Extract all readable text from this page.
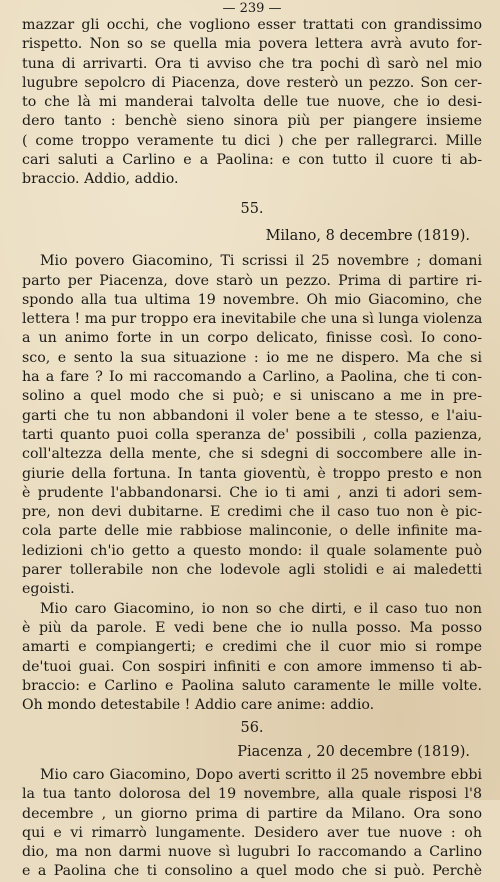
— 239 —
mazzar gli occhi, che vogliono esser trattati con grandissimo
rispetto. Non so se quella mia povera lettera avrà avuto for-
tuna di arrivarti. Ora ti avviso che tra pochi dì sarò nel mio
lugubre sepolcro di Piacenza, dove resterò un pezzo. Son cer-
to che là mi manderai talvolta delle tue nuove, che io desi-
dero tanto : benchè sieno sinora più per piangere insieme
( come troppo veramente tu dici ) che per rallegrarci. Mille
cari saluti a Carlino e a Paolina: e con tutto il cuore ti ab-
braccio. Addio, addio.
55.
Milano, 8 decembre (1819).
Mio povero Giacomino, Ti scrissi il 25 novembre ; domani
parto per Piacenza, dove starò un pezzo. Prima di partire ri-
spondo alla tua ultima 19 novembre. Oh mio Giacomino, che
lettera ! ma pur troppo era inevitabile che una sì lunga violenza
a un animo forte in un corpo delicato, finisse così. Io cono-
sco, e sento la sua situazione : io me ne dispero. Ma che si
ha a fare ? Io mi raccomando a Carlino, a Paolina, che ti con-
solino a quel modo che si può; e si uniscano a me in pre-
garti che tu non abbandoni il voler bene a te stesso, e l'aiu-
tarti quanto puoi colla speranza de' possibili , colla pazienza,
coll'altezza della mente, che si sdegni di soccombere alle in-
giurie della fortuna. In tanta gioventù, è troppo presto e non
è prudente l'abbandonarsi. Che io ti ami , anzi ti adori sem-
pre, non devi dubitarne. E credimi che il caso tuo non è pic-
cola parte delle mie rabbiose malinconie, o delle infinite ma-
ledizioni ch'io getto a questo mondo: il quale solamente può
parer tollerabile non che lodevole agli stolidi e ai maledetti
egoisti.
Mio caro Giacomino, io non so che dirti, e il caso tuo non
è più da parole. E vedi bene che io nulla posso. Ma posso
amarti e compiangerti; e credimi che il cuor mio si rompe
de'tuoi guai. Con sospiri infiniti e con amore immenso ti ab-
braccio: e Carlino e Paolina saluto caramente le mille volte.
Oh mondo detestabile ! Addio care anime: addio.
56.
Piacenza , 20 decembre (1819).
Mio caro Giacomino, Dopo averti scritto il 25 novembre ebbi
la tua tanto dolorosa del 19 novembre, alla quale risposi l'8
decembre , un giorno prima di partire da Milano. Ora sono
qui e vi rimarrò lungamente. Desidero aver tue nuove : oh
dio, ma non darmi nuove sì lugubri Io raccomando a Carlino
e a Paolina che ti consolino a quel modo che si può. Perchè
